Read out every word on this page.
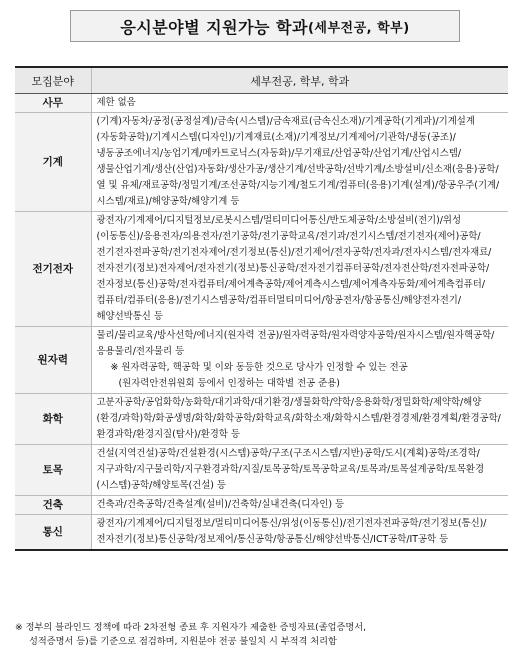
응시분야별 지원가능 학과 (세부전공, 학부)
모집분야	세부전공, 학부, 학과
사무	제한 없음
기계	(기계)자동차/공정(공정설계)/금속(시스템)/금속재료(금속신소재)/기계공학(기계과)/기계설계(자동화공학)/기계시스템(디자인)/기계재료(소재)/기계정보/기계제어/기관학/냉동(공조)/냉동공조에너지/농업기계/메카트로닉스(자동화)/무기재료/산업공학/산업기계/산업시스템/생물산업기계/생산(산업)자동화/생산가공/생산기계/선박공학/선박기계/소방설비/신소재(응용)공학/열 및 유체/재료공학/정밀기계/조선공학/지능기계/철도기계/컴퓨터(응용)기계(설계)/항공우주(기계/시스템/재료)/해양공학/해양기계 등
전기전자	광전자/기계제어/디지털정보/로봇시스템/멀티미디어통신/반도체공학/소방설비(전기)/위성(이동통신)/응용전자/의용전자/전기공학/전기공학교육/전기과/전기시스템/전기전자(제어)공학/전기전자전파공학/전기전자제어/전기정보(통신)/전기제어/전자공학/전자과/전자시스템/전자재료/전자전기(정보)전자제어/전자전기(정보)통신공학/전자전기컴퓨터공학/전자전산학/전자전파공학/전자정보(통신)공학/전자컴퓨터/제어계측공학/제어계측시스템/제어계측자동화/제어계측컴퓨터/컴퓨터/컴퓨터(응용)/전기시스템공학/컴퓨터멀티미디어/항공전자/항공통신/해양전자전기/해양선박통신 등
원자력	물리/물리교육/방사선학/에너지(원자력 전공)/원자력공학/원자력양자공학/원자시스템/원자핵공학/응용물리/전자물리 등
※ 원자력공학, 핵공학 및 이와 동등한 것으로 당사가 인정할 수 있는 전공
(원자력안전위원회 등에서 인정하는 대학별 전공 준용)

화학	고분자공학/공업화학/농화학/대기과학/대기환경/생물화학/약학/응용화학/정밀화학/제약학/해양(환경/과학)학/화공생명/화학/화학공학/화학교육/화학소재/화학시스템/환경경제/환경계획/환경공학/환경과학/환경지질(탐사)/환경학 등
토목	건설(지역건설)공학/건설환경(시스템)공학/구조(구조시스템/지반)공학/도시(계획)공학/조경학/지구과학/지구물리학/지구환경과학/지질/토목공학/토목공학교육/토목과/토목설계공학/토목환경(시스템)공학/해양토목(건설) 등
건축	건축과/건축공학/건축설계(설비)/건축학/실내건축(디자인) 등
통신	광전자/기계제어/디지털정보/멀티미디어통신/위성(이동통신)/전기전자전파공학/전기정보(통신)/전자전기(정보)통신공학/정보제어/통신공학/항공통신/해양선박통신/ICT공학/IT공학 등
※ 정부의 블라인드 정책에 따라 2차전형 종료 후 지원자가 제출한 증빙자료(졸업증명서,
성적증명서 등)를 기준으로 점검하며, 지원분야 전공 불일치 시 부적격 처리함
